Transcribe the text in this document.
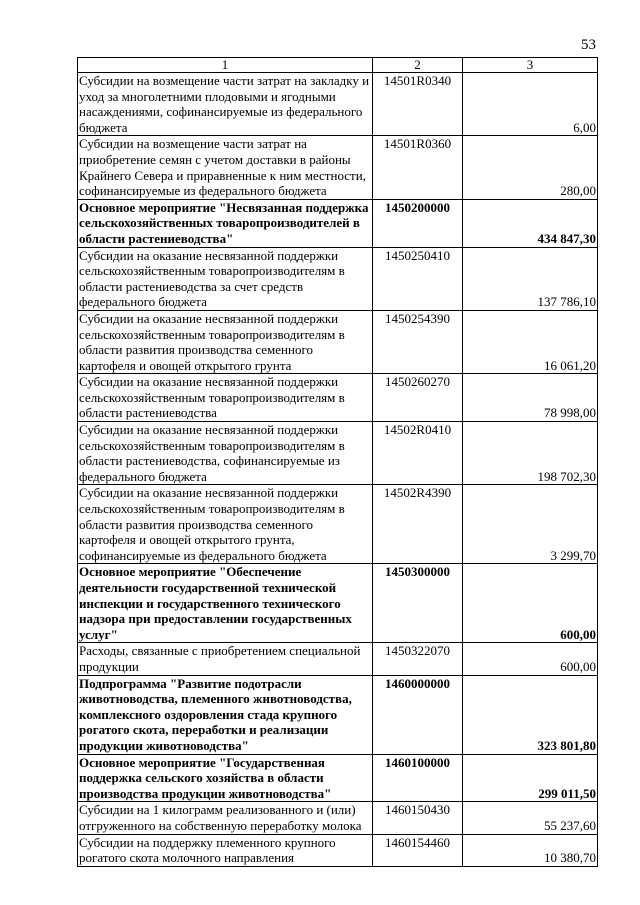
53
1	2	3
Субсидии на возмещение части затрат на закладку и
уход за многолетними плодовыми и ягодными
насаждениями, софинансируемые из федерального
бюджета	14501R0340	6,00
Субсидии на возмещение части затрат на
приобретение семян с учетом доставки в районы
Крайнего Севера и приравненные к ним местности,
софинансируемые из федерального бюджета	14501R0360	280,00
Основное мероприятие "Несвязанная поддержка
сельскохозяйственных товаропроизводителей в
области растениеводства"	1450200000	434 847,30
Субсидии на оказание несвязанной поддержки
сельскохозяйственным товаропроизводителям в
области растениеводства за счет средств
федерального бюджета	1450250410	137 786,10
Субсидии на оказание несвязанной поддержки
сельскохозяйственным товаропроизводителям в
области развития производства семенного
картофеля и овощей открытого грунта	1450254390	16 061,20
Субсидии на оказание несвязанной поддержки
сельскохозяйственным товаропроизводителям в
области растениеводства	1450260270	78 998,00
Субсидии на оказание несвязанной поддержки
сельскохозяйственным товаропроизводителям в
области растениеводства, софинансируемые из
федерального бюджета	14502R0410	198 702,30
Субсидии на оказание несвязанной поддержки
сельскохозяйственным товаропроизводителям в
области развития производства семенного
картофеля и овощей открытого грунта,
софинансируемые из федерального бюджета	14502R4390	3 299,70
Основное мероприятие "Обеспечение
деятельности государственной технической
инспекции и государственного технического
надзора при предоставлении государственных
услуг"	1450300000	600,00
Расходы, связанные с приобретением специальной
продукции	1450322070	600,00
Подпрограмма "Развитие подотрасли
животноводства, племенного животноводства,
комплексного оздоровления стада крупного
рогатого скота, переработки и реализации
продукции животноводства"	1460000000	323 801,80
Основное мероприятие "Государственная
поддержка сельского хозяйства в области
производства продукции животноводства"	1460100000	299 011,50
Субсидии на 1 килограмм реализованного и (или)
отгруженного на собственную переработку молока	1460150430	55 237,60
Субсидии на поддержку племенного крупного
рогатого скота молочного направления	1460154460	10 380,70
